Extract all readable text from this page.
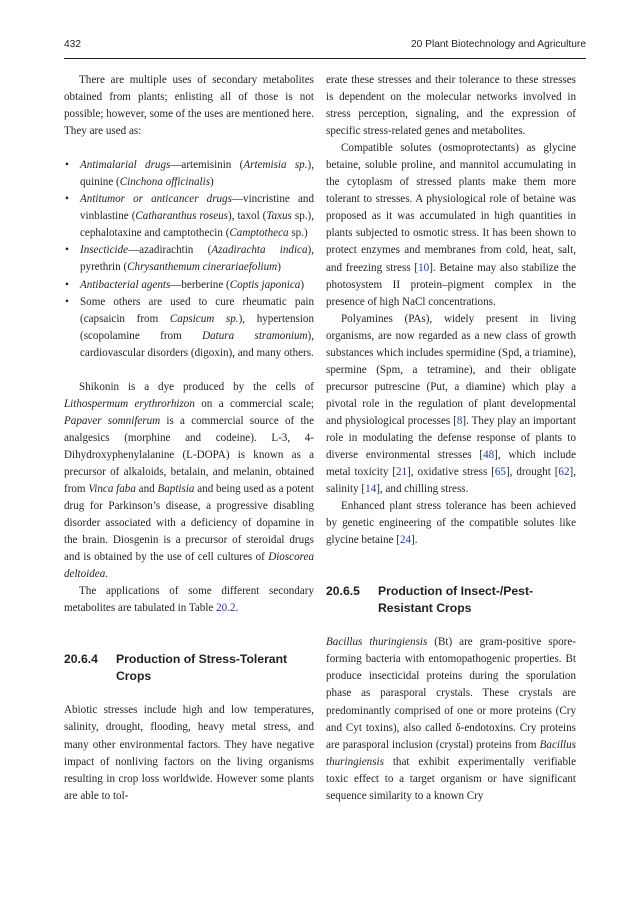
432	20 Plant Biotechnology and Agriculture

There are multiple uses of secondary metabolites obtained from plants; enlisting all of those is not possible; however, some of the uses are mentioned here. They are used as:

• Antimalarial drugs—artemisinin (Artemisia sp.), quinine (Cinchona officinalis)
• Antitumor or anticancer drugs—vincristine and vinblastine (Catharanthus roseus), taxol (Taxus sp.), cephalotaxine and camptothecin (Camptotheca sp.)
• Insecticide—azadirachtin (Azadirachta indica), pyrethrin (Chrysanthemum cinerariaefolium)
• Antibacterial agents—berberine (Coptis japonica)
• Some others are used to cure rheumatic pain (capsaicin from Capsicum sp.), hypertension (scopolamine from Datura stramonium), cardiovascular disorders (digoxin), and many others.

Shikonin is a dye produced by the cells of Lithospermum erythrorhizon on a commercial scale; Papaver somniferum is a commercial source of the analgesics (morphine and codeine). L-3, 4-Dihydroxyphenylalanine (L-DOPA) is known as a precursor of alkaloids, betalain, and melanin, obtained from Vinca faba and Baptisia and being used as a potent drug for Parkinson’s disease, a progressive disabling disorder associated with a deficiency of dopamine in the brain. Diosgenin is a precursor of steroidal drugs and is obtained by the use of cell cultures of Dioscorea deltoidea.

The applications of some different secondary metabolites are tabulated in Table 20.2.

20.6.4 Production of Stress-Tolerant Crops

Abiotic stresses include high and low temperatures, salinity, drought, flooding, heavy metal stress, and many other environmental factors. They have negative impact of nonliving factors on the living organisms resulting in crop loss worldwide. However some plants are able to tol-

erate these stresses and their tolerance to these stresses is dependent on the molecular networks involved in stress perception, signaling, and the expression of specific stress-related genes and metabolites.

Compatible solutes (osmoprotectants) as glycine betaine, soluble proline, and mannitol accumulating in the cytoplasm of stressed plants make them more tolerant to stresses. A physiological role of betaine was proposed as it was accumulated in high quantities in plants subjected to osmotic stress. It has been shown to protect enzymes and membranes from cold, heat, salt, and freezing stress [10]. Betaine may also stabilize the photosystem II protein–pigment complex in the presence of high NaCl concentrations.

Polyamines (PAs), widely present in living organisms, are now regarded as a new class of growth substances which includes spermidine (Spd, a triamine), spermine (Spm, a tetramine), and their obligate precursor putrescine (Put, a diamine) which play a pivotal role in the regulation of plant developmental and physiological processes [8]. They play an important role in modulating the defense response of plants to diverse environmental stresses [48], which include metal toxicity [21], oxidative stress [65], drought [62], salinity [14], and chilling stress.

Enhanced plant stress tolerance has been achieved by genetic engineering of the compatible solutes like glycine betaine [24].

20.6.5 Production of Insect-/Pest-Resistant Crops

Bacillus thuringiensis (Bt) are gram-positive spore-forming bacteria with entomopathogenic properties. Bt produce insecticidal proteins during the sporulation phase as parasporal crystals. These crystals are predominantly comprised of one or more proteins (Cry and Cyt toxins), also called δ-endotoxins. Cry proteins are parasporal inclusion (crystal) proteins from Bacillus thuringiensis that exhibit experimentally verifiable toxic effect to a target organism or have significant sequence similarity to a known Cry
